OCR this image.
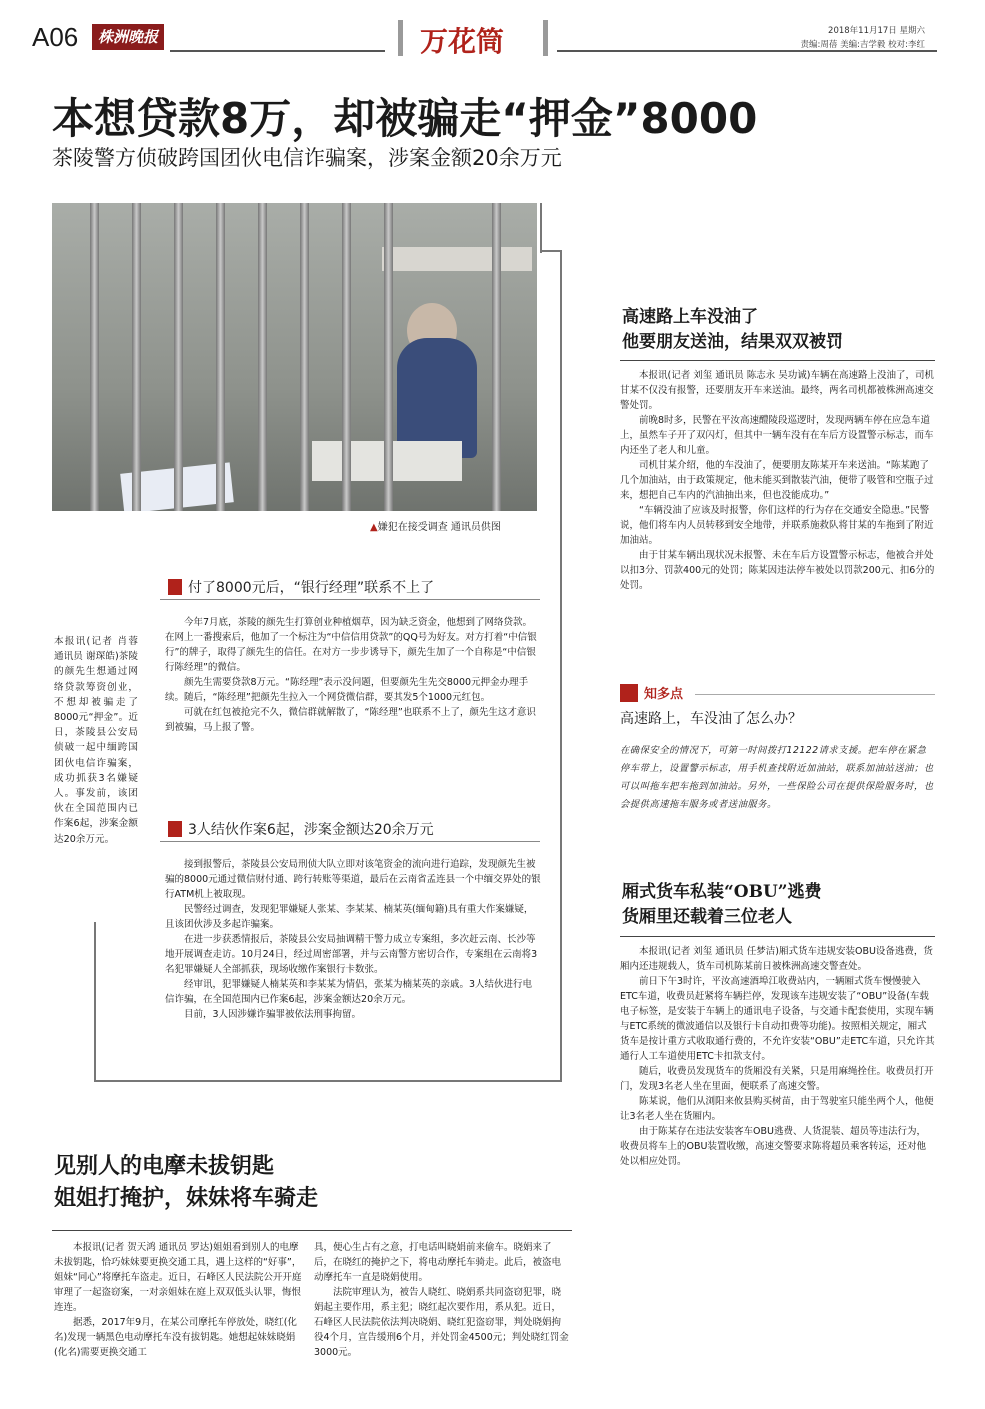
A06	株洲晚报	万花筒	2018年11月17日 星期六
责编:周蓓 美编:吉学毅 校对:李红
本想贷款8万，却被骗走“押金”8000
茶陵警方侦破跨国团伙电信诈骗案，涉案金额20余万元
▲嫌犯在接受调查 通讯员供图
本报讯(记者 肖蓉 通讯员 谢琛皓)茶陵的颜先生想通过网络贷款筹资创业，不想却被骗走了8000元“押金”。近日，茶陵县公安局侦破一起中缅跨国团伙电信诈骗案，成功抓获3名嫌疑人。事发前，该团伙在全国范围内已作案6起，涉案金额达20余万元。
付了8000元后，“银行经理”联系不上了

今年7月底，茶陵的颜先生打算创业种植烟草，因为缺乏资金，他想到了网络贷款。在网上一番搜索后，他加了一个标注为“中信信用贷款”的QQ号为好友。对方打着“中信银行”的牌子，取得了颜先生的信任。在对方一步步诱导下，颜先生加了一个自称是“中信银行陈经理”的微信。

颜先生需要贷款8万元。“陈经理”表示没问题，但要颜先生先交8000元押金办理手续。随后，“陈经理”把颜先生拉入一个网贷微信群，要其发5个1000元红包。

可就在红包被抢完不久，微信群就解散了，“陈经理”也联系不上了，颜先生这才意识到被骗，马上报了警。

3人结伙作案6起，涉案金额达20余万元

接到报警后，茶陵县公安局刑侦大队立即对该笔资金的流向进行追踪，发现颜先生被骗的8000元通过微信财付通、跨行转账等渠道，最后在云南省孟连县一个中缅交界处的银行ATM机上被取现。

民警经过调查，发现犯罪嫌疑人张某、李某某、楠某英(缅甸籍)具有重大作案嫌疑，且该团伙涉及多起诈骗案。

在进一步获悉情报后，茶陵县公安局抽调精干警力成立专案组，多次赶云南、长沙等地开展调查走访。10月24日，经过周密部署，并与云南警方密切合作，专案组在云南将3名犯罪嫌疑人全部抓获，现场收缴作案银行卡数张。

经审讯，犯罪嫌疑人楠某英和李某某为情侣，张某为楠某英的亲戚。3人结伙进行电信诈骗，在全国范围内已作案6起，涉案金额达20余万元。

目前，3人因涉嫌诈骗罪被依法刑事拘留。

高速路上车没油了
他要朋友送油，结果双双被罚

本报讯(记者 刘玺 通讯员 陈志永 吴功诚)车辆在高速路上没油了，司机甘某不仅没有报警，还要朋友开车来送油。最终，两名司机都被株洲高速交警处罚。

前晚8时多，民警在平汝高速醴陵段巡逻时，发现两辆车停在应急车道上，虽然车子开了双闪灯，但其中一辆车没有在车后方设置警示标志，而车内还坐了老人和儿童。

司机甘某介绍，他的车没油了，便要朋友陈某开车来送油。“陈某跑了几个加油站，由于政策规定，他未能买到散装汽油，便带了吸管和空瓶子过来，想把自己车内的汽油抽出来，但也没能成功。”

“车辆没油了应该及时报警，你们这样的行为存在交通安全隐患。”民警说，他们将车内人员转移到安全地带，并联系施救队将甘某的车拖到了附近加油站。

由于甘某车辆出现状况未报警、未在车后方设置警示标志，他被合并处以扣3分、罚款400元的处罚；陈某因违法停车被处以罚款200元、扣6分的处罚。

知多点
高速路上，车没油了怎么办？
在确保安全的情况下，可第一时间拨打12122请求支援。把车停在紧急停车带上，设置警示标志，用手机查找附近加油站，联系加油站送油；也可以叫拖车把车拖到加油站。另外，一些保险公司在提供保险服务时，也会提供高速拖车服务或者送油服务。
厢式货车私装“OBU”逃费
货厢里还载着三位老人

本报讯(记者 刘玺 通讯员 任梦洁)厢式货车违规安装OBU设备逃费，货厢内还违规载人，货车司机陈某前日被株洲高速交警查处。

前日下午3时许，平汝高速酒埠江收费站内，一辆厢式货车慢慢驶入ETC车道，收费员赶紧将车辆拦停，发现该车违规安装了“OBU”设备(车载电子标签，是安装于车辆上的通讯电子设备，与交通卡配套使用，实现车辆与ETC系统的微波通信以及银行卡自动扣费等功能)。按照相关规定，厢式货车是按计重方式收取通行费的，不允许安装“OBU”走ETC车道，只允许其通行人工车道使用ETC卡扣款支付。

随后，收费员发现货车的货厢没有关紧，只是用麻绳拴住。收费员打开门，发现3名老人坐在里面，便联系了高速交警。

陈某说，他们从浏阳来攸县购买树苗，由于驾驶室只能坐两个人，他便让3名老人坐在货厢内。

由于陈某存在违法安装客车OBU逃费、人货混装、超员等违法行为，收费员将车上的OBU装置收缴，高速交警要求陈将超员乘客转运，还对他处以相应处罚。

见别人的电摩未拔钥匙
姐姐打掩护，妹妹将车骑走

本报讯(记者 贺天鸿 通讯员 罗达)姐姐看到别人的电摩未拔钥匙，恰巧妹妹要更换交通工具，遇上这样的“好事”，姐妹“同心”将摩托车盗走。近日，石峰区人民法院公开开庭审理了一起盗窃案，一对亲姐妹在庭上双双低头认罪，悔恨连连。

据悉，2017年9月，在某公司摩托车停放处，晓红(化名)发现一辆黑色电动摩托车没有拔钥匙。她想起妹妹晓娟(化名)需要更换交通工

具，便心生占有之意，打电话叫晓娟前来偷车。晓娟来了后，在晓红的掩护之下，将电动摩托车骑走。此后，被盗电动摩托车一直是晓娟使用。

法院审理认为，被告人晓红、晓娟系共同盗窃犯罪，晓娟起主要作用，系主犯；晓红起次要作用，系从犯。近日，石峰区人民法院依法判决晓娟、晓红犯盗窃罪，判处晓娟拘役4个月，宣告缓刑6个月，并处罚金4500元；判处晓红罚金3000元。
